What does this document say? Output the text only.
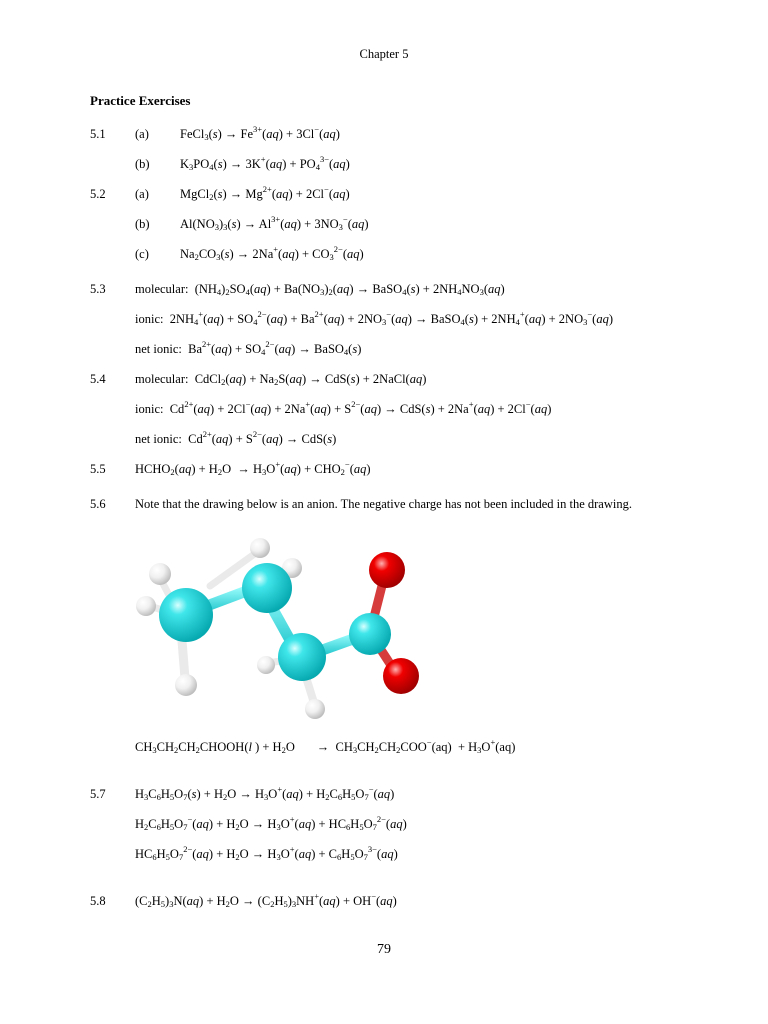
Chapter 5
Practice Exercises
5.1 (a) FeCl$_3$(s) → $Fe^{3+}(aq) + 3Cl^-(aq)$
(b) $K_3PO_4(s) \to 3K^+(aq) + PO_4^{3-}(aq)$
5.2 (a) MgCl$_2$(s) → $Mg^{2+}(aq) + 2Cl^-(aq)$
(b) $Al(NO_3)_3(s) \to Al^{3+}(aq) + 3NO_3^-(aq)$
(c) $Na_2CO_3(s) \to 2Na^+(aq) + CO_3^{2-}(aq)$
5.3 molecular:  $(NH_4)_2SO_4(aq) + Ba(NO_3)_2(aq)$ → BaSO$_4$(s) + $2NH_4NO_3(aq)$
ionic:  $2NH_4^+(aq) + SO_4^{2-}(aq) + Ba^{2+}(aq) + 2NO_3^-(aq)$ → BaSO$_4$(s) + $2NH_4^+(aq) + 2NO_3^-(aq)$
net ionic:  $Ba^{2+}(aq) + SO_4^{2-}(aq)$ → BaSO$_4$(s)
5.4 molecular:  CdCl$_2$(aq) + $Na_2S(aq) \to CdS(s)$ + 2NaCl(aq)
ionic:  $Cd^{2+}(aq) + 2Cl^-(aq) + 2Na^+(aq) + S^{2-}(aq) \to CdS(s) + 2Na^+(aq) + 2Cl^-(aq)$
net ionic:  $Cd^{2+}(aq) + S^{2-}(aq) \to CdS(s)$
5.5 $HCHO_2(aq) + H_2O \to H_3O^+(aq) + CHO_2^-(aq)$
5.6 Note that the drawing below is an anion. The negative charge has not been included in the drawing.
$CH_3CH_2CH_2CHOOH(l$ ) + $H_2O$       →  $CH_3CH_2CH_2COO^-(aq) + H_3O^+(aq)$
5.7 $H_3C_6H_5O_7(s) + H_2O \to H_3O^+(aq) + H_2C_6H_5O_7^-(aq)$
$H_2C_6H_5O_7^-(aq) + H_2O \to H_3O^+(aq) + HC_6H_5O_7^{2-}(aq)$
$HC_6H_5O_7^{2-}(aq) + H_2O \to H_3O^+(aq) + C_6H_5O_7^{3-}(aq)$
5.8 $(C_2H_5)_3N(aq) + H_2O \to (C_2H_5)_3NH^+(aq) + OH^-(aq)$
79
